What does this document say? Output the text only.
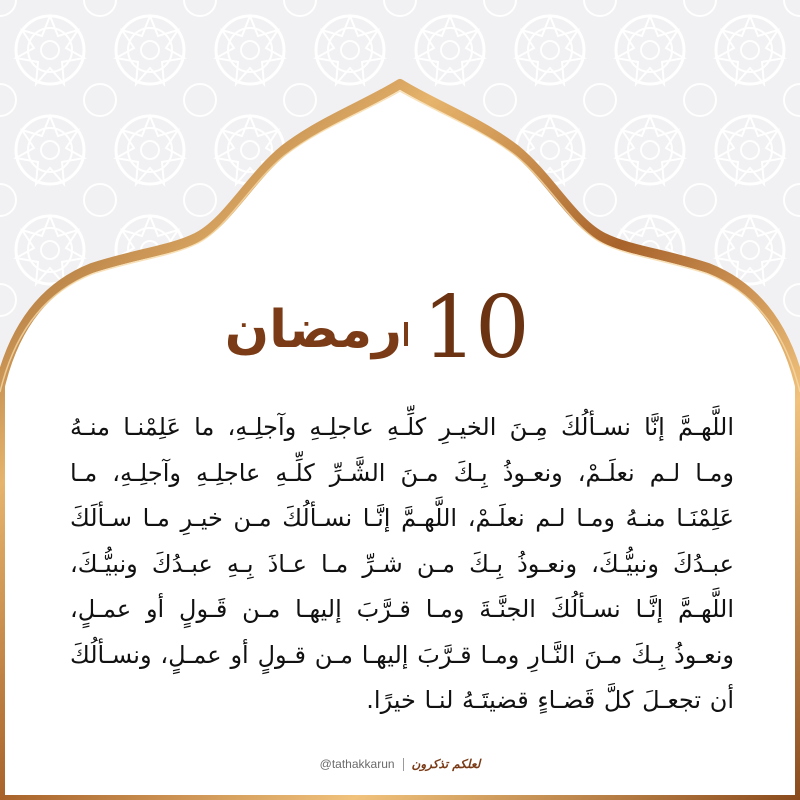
رمضان 10
اللَّهـمَّ إنَّا نسـألُكَ مِـنَ الخيـرِ كلِّـهِ عاجلِـهِ وآجلِـهِ، ما عَلِمْنـا منـهُ ومـا لـم نعلَـمْ، ونعـوذُ بِـكَ مـنَ الشَّـرِّ كلِّـهِ عاجلِـهِ وآجلِـهِ، مـا عَلِمْنَـا منـهُ ومـا لـم نعلَـمْ، اللَّهـمَّ إنَّـا نسـألُكَ مـن خيـرِ مـا سـألَكَ عبـدُكَ ونبيُّـكَ، ونعـوذُ بِـكَ مـن شـرِّ مـا عـاذَ بِـهِ عبـدُكَ ونبيُّـكَ، اللَّهـمَّ إنَّـا نسـألُكَ الجنَّـةَ ومـا قـرَّبَ إليهـا مـن قَـولٍ أو عمـلٍ، ونعـوذُ بِـكَ مـنَ النَّـارِ ومـا قـرَّبَ إليهـا مـن قـولٍ أو عمـلٍ، ونسـألُكَ أن تجعـلَ كلَّ قَضـاءٍ قضيتَـهُ لنـا خيرًا.
@tathakkarun لعلكم تذكرون
